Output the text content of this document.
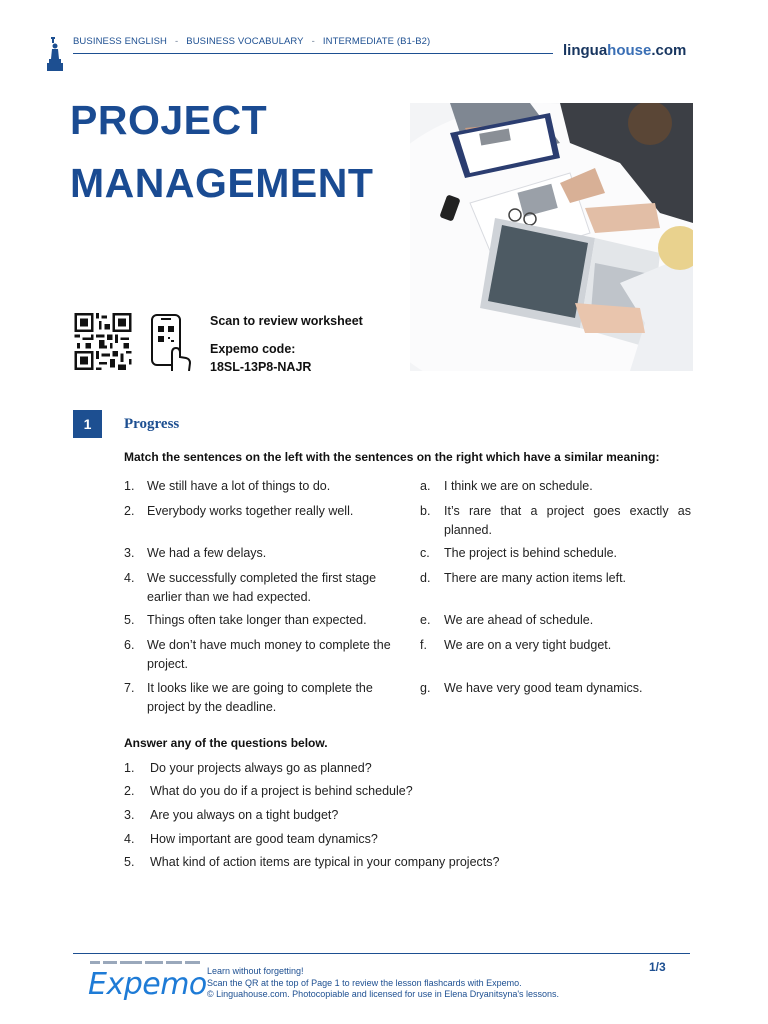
BUSINESS ENGLISH - BUSINESS VOCABULARY - INTERMEDIATE (B1-B2)
linguahouse.com
PROJECT
MANAGEMENT
Scan to review worksheet
Expemo code:
18SL-13P8-NAJR
1	Progress
Match the sentences on the left with the sentences on the right which have a similar meaning:
1. We still have a lot of things to do.
2. Everybody works together really well.
3. We had a few delays.
4. We successfully completed the first stage earlier than we had expected.
5. Things often take longer than expected.
6. We don’t have much money to complete the project.
7. It looks like we are going to complete the project by the deadline.
a. I think we are on schedule.
b. It’s rare that a project goes exactly as planned.
c. The project is behind schedule.
d. There are many action items left.
e. We are ahead of schedule.
f. We are on a very tight budget.
g. We have very good team dynamics.
Answer any of the questions below.
1. Do your projects always go as planned?
2. What do you do if a project is behind schedule?
3. Are you always on a tight budget?
4. How important are good team dynamics?
5. What kind of action items are typical in your company projects?
Expemo Learn without forgetting!
Scan the QR at the top of Page 1 to review the lesson flashcards with Expemo.
© Linguahouse.com. Photocopiable and licensed for use in Elena Dryanitsyna's lessons.
1/3
